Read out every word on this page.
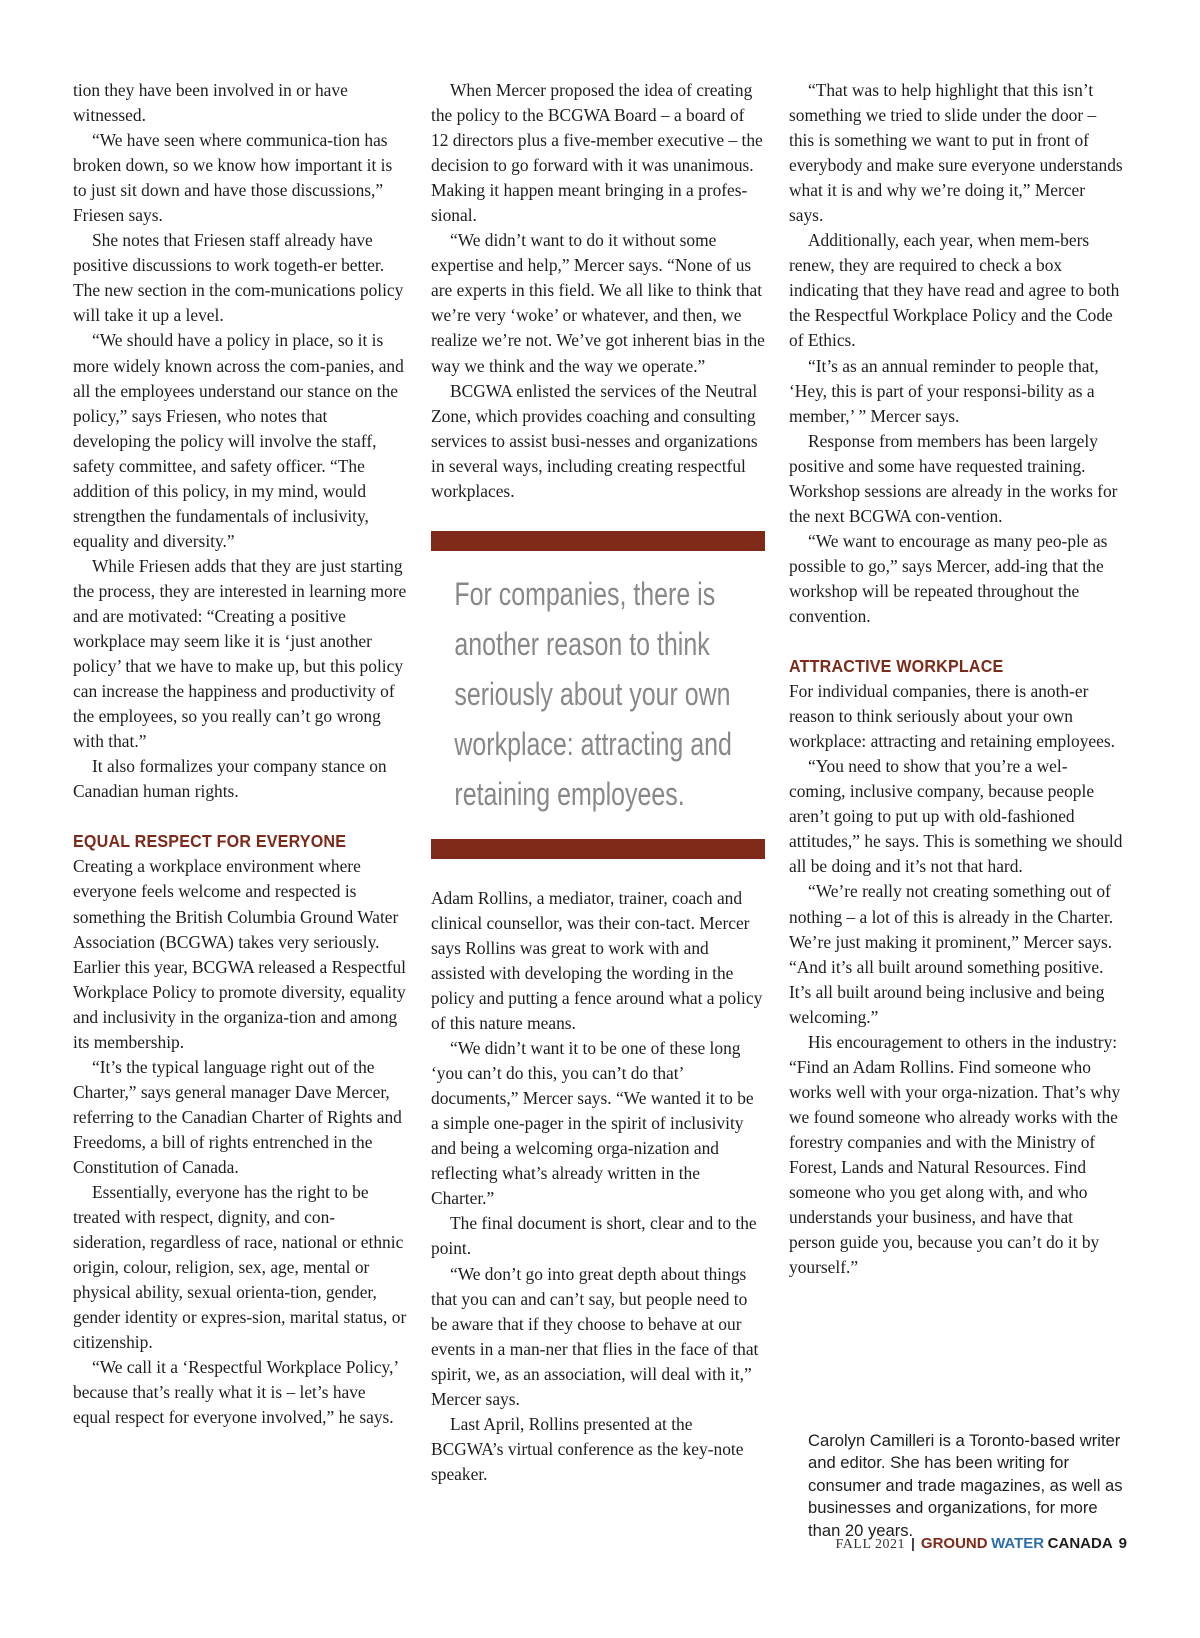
tion they have been involved in or have witnessed.

“We have seen where communica-tion has broken down, so we know how important it is to just sit down and have those discussions,” Friesen says.

She notes that Friesen staff already have positive discussions to work togeth-er better. The new section in the com-munications policy will take it up a level.

“We should have a policy in place, so it is more widely known across the com-panies, and all the employees understand our stance on the policy,” says Friesen, who notes that developing the policy will involve the staff, safety committee, and safety officer. “The addition of this policy, in my mind, would strengthen the fundamentals of inclusivity, equality and diversity.”

While Friesen adds that they are just starting the process, they are interested in learning more and are motivated: “Creating a positive workplace may seem like it is ‘just another policy’ that we have to make up, but this policy can increase the happiness and productivity of the employees, so you really can’t go wrong with that.”

It also formalizes your company stance on Canadian human rights.

EQUAL RESPECT FOR EVERYONE

Creating a workplace environment where everyone feels welcome and respected is something the British Columbia Ground Water Association (BCGWA) takes very seriously. Earlier this year, BCGWA released a Respectful Workplace Policy to promote diversity, equality and inclusivity in the organiza-tion and among its membership.

“It’s the typical language right out of the Charter,” says general manager Dave Mercer, referring to the Canadian Charter of Rights and Freedoms, a bill of rights entrenched in the Constitution of Canada.

Essentially, everyone has the right to be treated with respect, dignity, and con-sideration, regardless of race, national or ethnic origin, colour, religion, sex, age, mental or physical ability, sexual orienta-tion, gender, gender identity or expres-sion, marital status, or citizenship.

“We call it a ‘Respectful Workplace Policy,’ because that’s really what it is – let’s have equal respect for everyone involved,” he says.

When Mercer proposed the idea of creating the policy to the BCGWA Board – a board of 12 directors plus a five-member executive – the decision to go forward with it was unanimous. Making it happen meant bringing in a profes-sional.

“We didn’t want to do it without some expertise and help,” Mercer says. “None of us are experts in this field. We all like to think that we’re very ‘woke’ or whatever, and then, we realize we’re not. We’ve got inherent bias in the way we think and the way we operate.”

BCGWA enlisted the services of the Neutral Zone, which provides coaching and consulting services to assist busi-nesses and organizations in several ways, including creating respectful workplaces.

For companies, there is another reason to think seriously about your own workplace: attracting and retaining employees.

Adam Rollins, a mediator, trainer, coach and clinical counsellor, was their con-tact. Mercer says Rollins was great to work with and assisted with developing the wording in the policy and putting a fence around what a policy of this nature means.

“We didn’t want it to be one of these long ‘you can’t do this, you can’t do that’ documents,” Mercer says. “We wanted it to be a simple one-pager in the spirit of inclusivity and being a welcoming orga-nization and reflecting what’s already written in the Charter.”

The final document is short, clear and to the point.

“We don’t go into great depth about things that you can and can’t say, but people need to be aware that if they choose to behave at our events in a man-ner that flies in the face of that spirit, we, as an association, will deal with it,” Mercer says.

Last April, Rollins presented at the BCGWA’s virtual conference as the key-note speaker.

“That was to help highlight that this isn’t something we tried to slide under the door – this is something we want to put in front of everybody and make sure everyone understands what it is and why we’re doing it,” Mercer says.

Additionally, each year, when mem-bers renew, they are required to check a box indicating that they have read and agree to both the Respectful Workplace Policy and the Code of Ethics.

“It’s as an annual reminder to people that, ‘Hey, this is part of your responsi-bility as a member,’ ” Mercer says.

Response from members has been largely positive and some have requested training. Workshop sessions are already in the works for the next BCGWA con-vention.

“We want to encourage as many peo-ple as possible to go,” says Mercer, add-ing that the workshop will be repeated throughout the convention.

ATTRACTIVE WORKPLACE

For individual companies, there is anoth-er reason to think seriously about your own workplace: attracting and retaining employees.

“You need to show that you’re a wel-coming, inclusive company, because people aren’t going to put up with old-fashioned attitudes,” he says. This is something we should all be doing and it’s not that hard.

“We’re really not creating something out of nothing – a lot of this is already in the Charter. We’re just making it prominent,” Mercer says. “And it’s all built around something positive. It’s all built around being inclusive and being welcoming.”

His encouragement to others in the industry: “Find an Adam Rollins. Find someone who works well with your orga-nization. That’s why we found someone who already works with the forestry companies and with the Ministry of Forest, Lands and Natural Resources. Find someone who you get along with, and who understands your business, and have that person guide you, because you can’t do it by yourself.”

Carolyn Camilleri is a Toronto-based writer and editor. She has been writing for consumer and trade magazines, as well as businesses and organizations, for more than 20 years.
FALL 2021 | GROUND WATER CANADA 9
